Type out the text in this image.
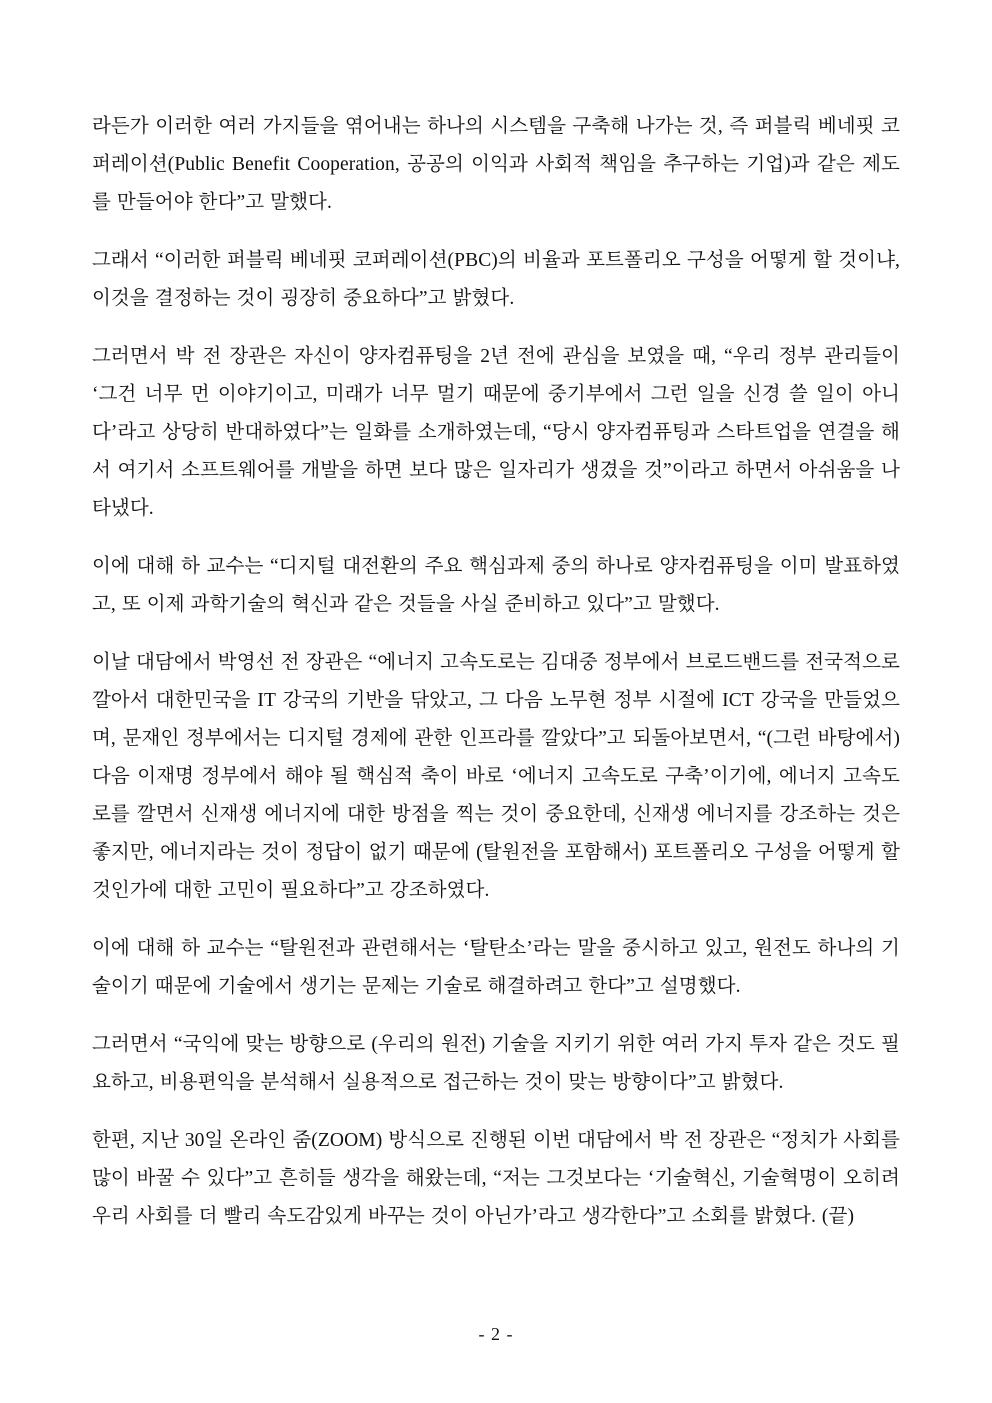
라든가 이러한 여러 가지들을 엮어내는 하나의 시스템을 구축해 나가는 것, 즉 퍼블릭 베네핏 코퍼레이션(Public Benefit Cooperation, 공공의 이익과 사회적 책임을 추구하는 기업)과 같은 제도를 만들어야 한다”고 말했다.

그래서 “이러한 퍼블릭 베네핏 코퍼레이션(PBC)의 비율과 포트폴리오 구성을 어떻게 할 것이냐, 이것을 결정하는 것이 굉장히 중요하다”고 밝혔다.

그러면서 박 전 장관은 자신이 양자컴퓨팅을 2년 전에 관심을 보였을 때, “우리 정부 관리들이 ‘그건 너무 먼 이야기이고, 미래가 너무 멀기 때문에 중기부에서 그런 일을 신경 쓸 일이 아니다’라고 상당히 반대하였다”는 일화를 소개하였는데, “당시 양자컴퓨팅과 스타트업을 연결을 해서 여기서 소프트웨어를 개발을 하면 보다 많은 일자리가 생겼을 것”이라고 하면서 아쉬움을 나타냈다.

이에 대해 하 교수는 “디지털 대전환의 주요 핵심과제 중의 하나로 양자컴퓨팅을 이미 발표하였고, 또 이제 과학기술의 혁신과 같은 것들을 사실 준비하고 있다”고 말했다.

이날 대담에서 박영선 전 장관은 “에너지 고속도로는 김대중 정부에서 브로드밴드를 전국적으로 깔아서 대한민국을 IT 강국의 기반을 닦았고, 그 다음 노무현 정부 시절에 ICT 강국을 만들었으며, 문재인 정부에서는 디지털 경제에 관한 인프라를 깔았다”고 되돌아보면서, “(그런 바탕에서) 다음 이재명 정부에서 해야 될 핵심적 축이 바로 ‘에너지 고속도로 구축’이기에, 에너지 고속도로를 깔면서 신재생 에너지에 대한 방점을 찍는 것이 중요한데, 신재생 에너지를 강조하는 것은 좋지만, 에너지라는 것이 정답이 없기 때문에 (탈원전을 포함해서) 포트폴리오 구성을 어떻게 할 것인가에 대한 고민이 필요하다”고 강조하였다.

이에 대해 하 교수는 “탈원전과 관련해서는 ‘탈탄소’라는 말을 중시하고 있고, 원전도 하나의 기술이기 때문에 기술에서 생기는 문제는 기술로 해결하려고 한다”고 설명했다.

그러면서 “국익에 맞는 방향으로 (우리의 원전) 기술을 지키기 위한 여러 가지 투자 같은 것도 필요하고, 비용편익을 분석해서 실용적으로 접근하는 것이 맞는 방향이다”고 밝혔다.

한편, 지난 30일 온라인 줌(ZOOM) 방식으로 진행된 이번 대담에서 박 전 장관은 “정치가 사회를 많이 바꿀 수 있다”고 흔히들 생각을 해왔는데, “저는 그것보다는 ‘기술혁신, 기술혁명이 오히려 우리 사회를 더 빨리 속도감있게 바꾸는 것이 아닌가’라고 생각한다”고 소회를 밝혔다. (끝)

- 2 -
